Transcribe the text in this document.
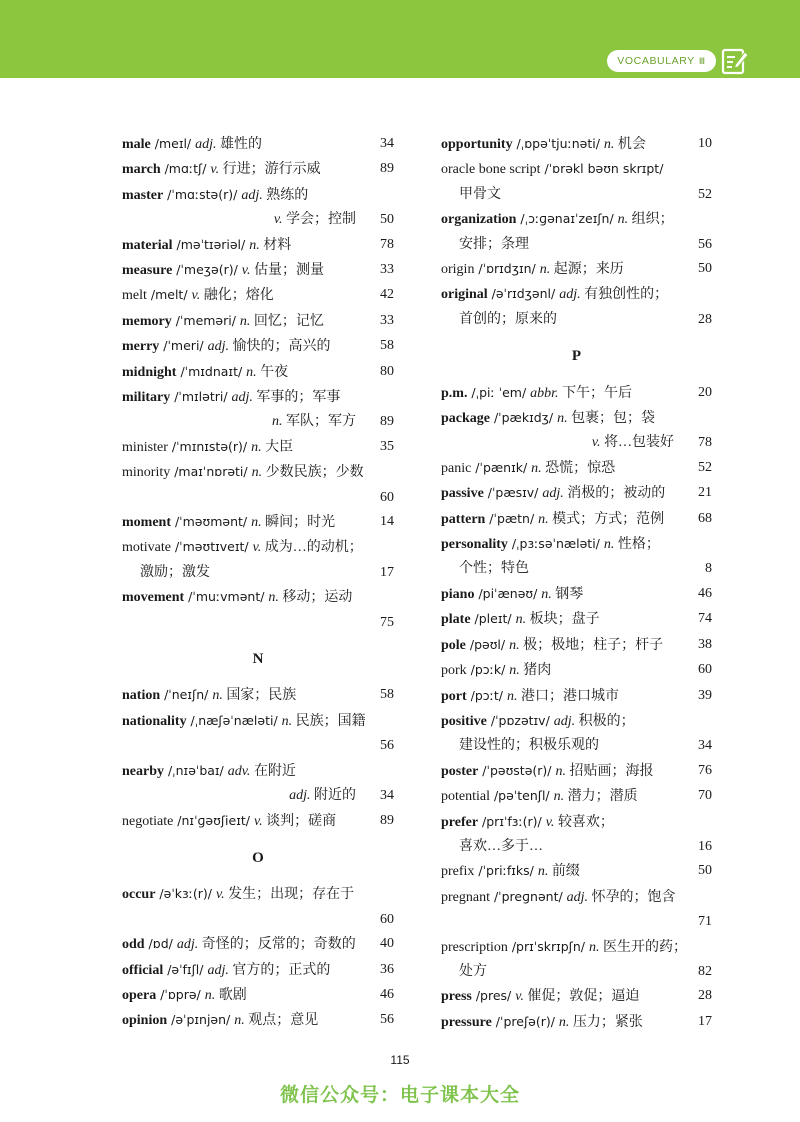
VOCABULARY Ⅲ
male /meɪl/ adj. 雄性的	34
march /mɑːtʃ/ v. 行进；游行示威	89
master /ˈmɑːstə(r)/ adj. 熟练的
v. 学会；控制 50
material /məˈtɪəriəl/ n. 材料	78
measure /ˈmeʒə(r)/ v. 估量；测量	33
melt /melt/ v. 融化；熔化	42
memory /ˈmeməri/ n. 回忆；记忆	33
merry /ˈmeri/ adj. 愉快的；高兴的	58
midnight /ˈmɪdnaɪt/ n. 午夜	80
military /ˈmɪlətri/ adj. 军事的；军事
n. 军队；军方 89
minister /ˈmɪnɪstə(r)/ n. 大臣	35
minority /maɪˈnɒrəti/ n. 少数民族；少数
60
moment /ˈməʊmənt/ n. 瞬间；时光	14
motivate /ˈməʊtɪveɪt/ v. 成为…的动机；
激励；激发	17
movement /ˈmuːvmənt/ n. 移动；运动
75
N
nation /ˈneɪʃn/ n. 国家；民族	58
nationality /ˌnæʃəˈnæləti/ n. 民族；国籍
56
nearby /ˌnɪəˈbaɪ/ adv. 在附近
adj. 附近的 34
negotiate /nɪˈɡəʊʃieɪt/ v. 谈判；磋商	89
O
occur /əˈkɜː(r)/ v. 发生；出现；存在于
60
odd /ɒd/ adj. 奇怪的；反常的；奇数的 40
official /əˈfɪʃl/ adj. 官方的；正式的	36
opera /ˈɒprə/ n. 歌剧	46
opinion /əˈpɪnjən/ n. 观点；意见	56
opportunity /ˌɒpəˈtjuːnəti/ n. 机会	10
oracle bone script /ˈɒrəkl bəʊn skrɪpt/
甲骨文	52
organization /ˌɔːɡənaɪˈzeɪʃn/ n. 组织；
安排；条理	56
origin /ˈɒrɪdʒɪn/ n. 起源；来历	50
original /əˈrɪdʒənl/ adj. 有独创性的；
首创的；原来的	28
P
p.m. /ˌpiː ˈem/ abbr. 下午；午后	20
package /ˈpækɪdʒ/ n. 包裹；包；袋
v. 将…包装好 78
panic /ˈpænɪk/ n. 恐慌；惊恐	52
passive /ˈpæsɪv/ adj. 消极的；被动的 21
pattern /ˈpætn/ n. 模式；方式；范例 68
personality /ˌpɜːsəˈnæləti/ n. 性格；
个性；特色	8
piano /piˈænəʊ/ n. 钢琴	46
plate /pleɪt/ n. 板块；盘子	74
pole /pəʊl/ n. 极；极地；柱子；杆子 38
pork /pɔːk/ n. 猪肉	60
port /pɔːt/ n. 港口；港口城市	39
positive /ˈpɒzətɪv/ adj. 积极的；
建设性的；积极乐观的	34
poster /ˈpəʊstə(r)/ n. 招贴画；海报	76
potential /pəˈtenʃl/ n. 潜力；潜质	70
prefer /prɪˈfɜː(r)/ v. 较喜欢；
喜欢…多于…	16
prefix /ˈpriːfɪks/ n. 前缀	50
pregnant /ˈpreɡnənt/ adj. 怀孕的；饱含
71
prescription /prɪˈskrɪpʃn/ n. 医生开的药；
处方	82
press /pres/ v. 催促；敦促；逼迫	28
pressure /ˈpreʃə(r)/ n. 压力；紧张	17
115
微信公众号：电子课本大全
